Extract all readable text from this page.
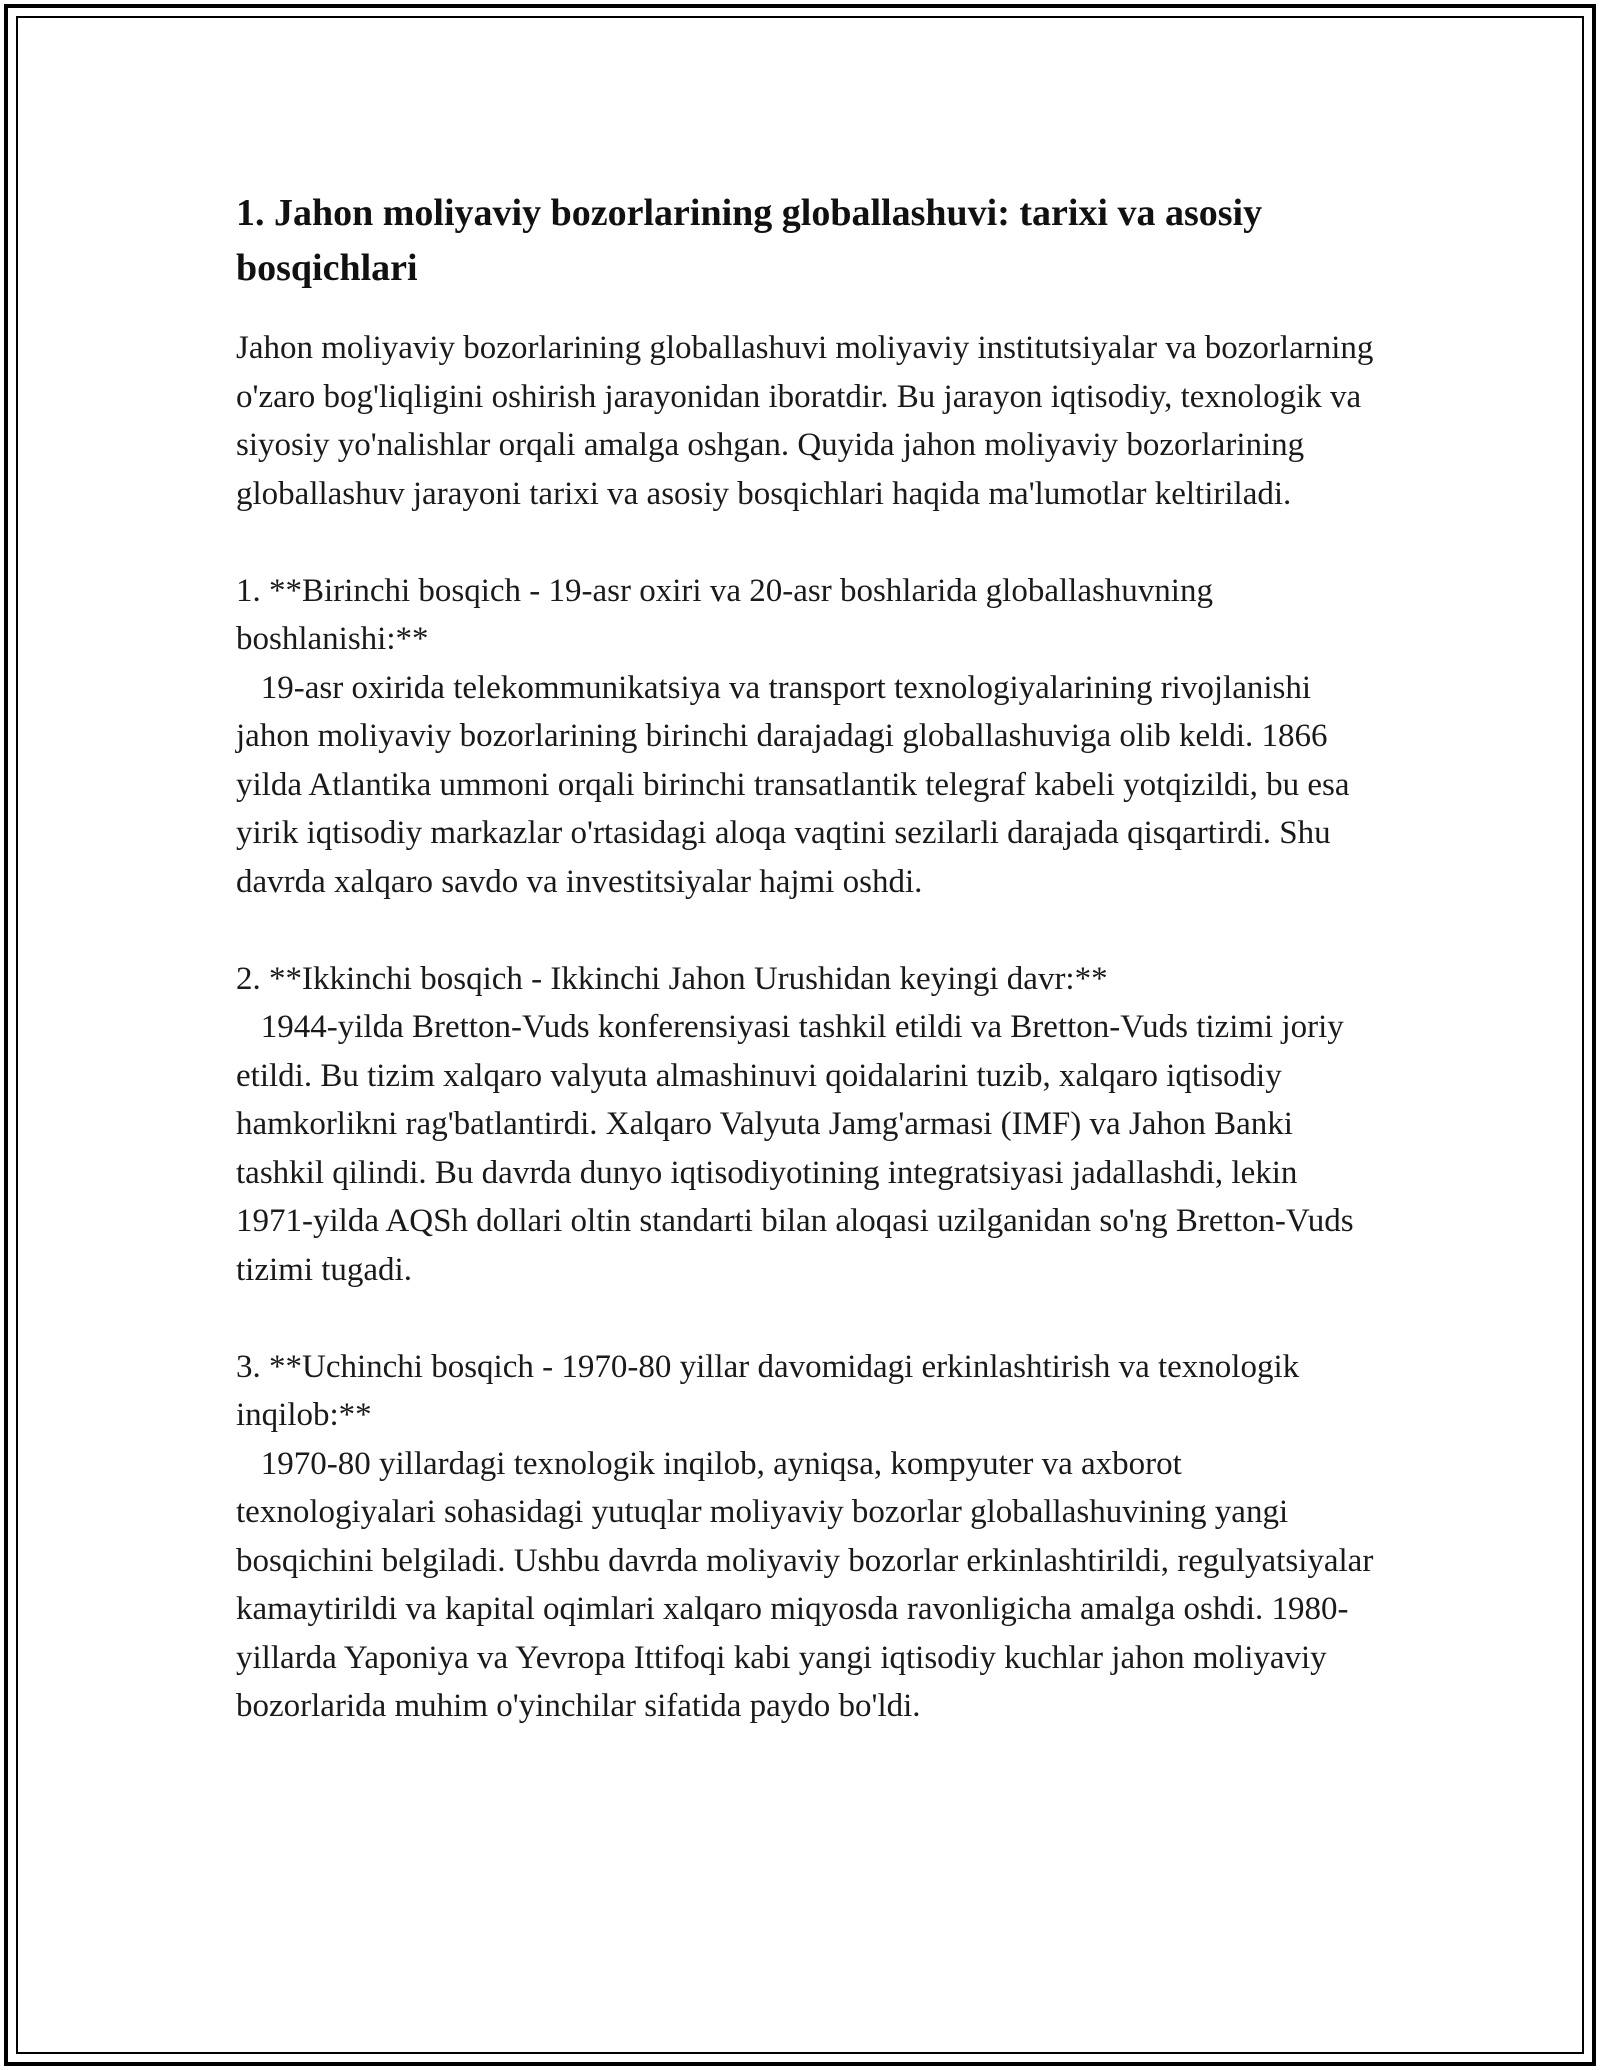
1. Jahon moliyaviy bozorlarining globallashuvi: tarixi va asosiy bosqichlari

Jahon moliyaviy bozorlarining globallashuvi moliyaviy institutsiyalar va bozorlarning o'zaro bog'liqligini oshirish jarayonidan iboratdir. Bu jarayon iqtisodiy, texnologik va siyosiy yo'nalishlar orqali amalga oshgan. Quyida jahon moliyaviy bozorlarining globallashuv jarayoni tarixi va asosiy bosqichlari haqida ma'lumotlar keltiriladi.

1. **Birinchi bosqich - 19-asr oxiri va 20-asr boshlarida globallashuvning boshlanishi:**

19-asr oxirida telekommunikatsiya va transport texnologiyalarining rivojlanishi jahon moliyaviy bozorlarining birinchi darajadagi globallashuviga olib keldi. 1866 yilda Atlantika ummoni orqali birinchi transatlantik telegraf kabeli yotqizildi, bu esa yirik iqtisodiy markazlar o'rtasidagi aloqa vaqtini sezilarli darajada qisqartirdi. Shu davrda xalqaro savdo va investitsiyalar hajmi oshdi.

2. **Ikkinchi bosqich - Ikkinchi Jahon Urushidan keyingi davr:**

1944-yilda Bretton-Vuds konferensiyasi tashkil etildi va Bretton-Vuds tizimi joriy etildi. Bu tizim xalqaro valyuta almashinuvi qoidalarini tuzib, xalqaro iqtisodiy hamkorlikni rag'batlantirdi. Xalqaro Valyuta Jamg'armasi (IMF) va Jahon Banki tashkil qilindi. Bu davrda dunyo iqtisodiyotining integratsiyasi jadallashdi, lekin 1971-yilda AQSh dollari oltin standarti bilan aloqasi uzilganidan so'ng Bretton-Vuds tizimi tugadi.

3. **Uchinchi bosqich - 1970-80 yillar davomidagi erkinlashtirish va texnologik inqilob:**

1970-80 yillardagi texnologik inqilob, ayniqsa, kompyuter va axborot texnologiyalari sohasidagi yutuqlar moliyaviy bozorlar globallashuvining yangi bosqichini belgiladi. Ushbu davrda moliyaviy bozorlar erkinlashtirildi, regulyatsiyalar kamaytirildi va kapital oqimlari xalqaro miqyosda ravonligicha amalga oshdi. 1980-yillarda Yaponiya va Yevropa Ittifoqi kabi yangi iqtisodiy kuchlar jahon moliyaviy bozorlarida muhim o'yinchilar sifatida paydo bo'ldi.
